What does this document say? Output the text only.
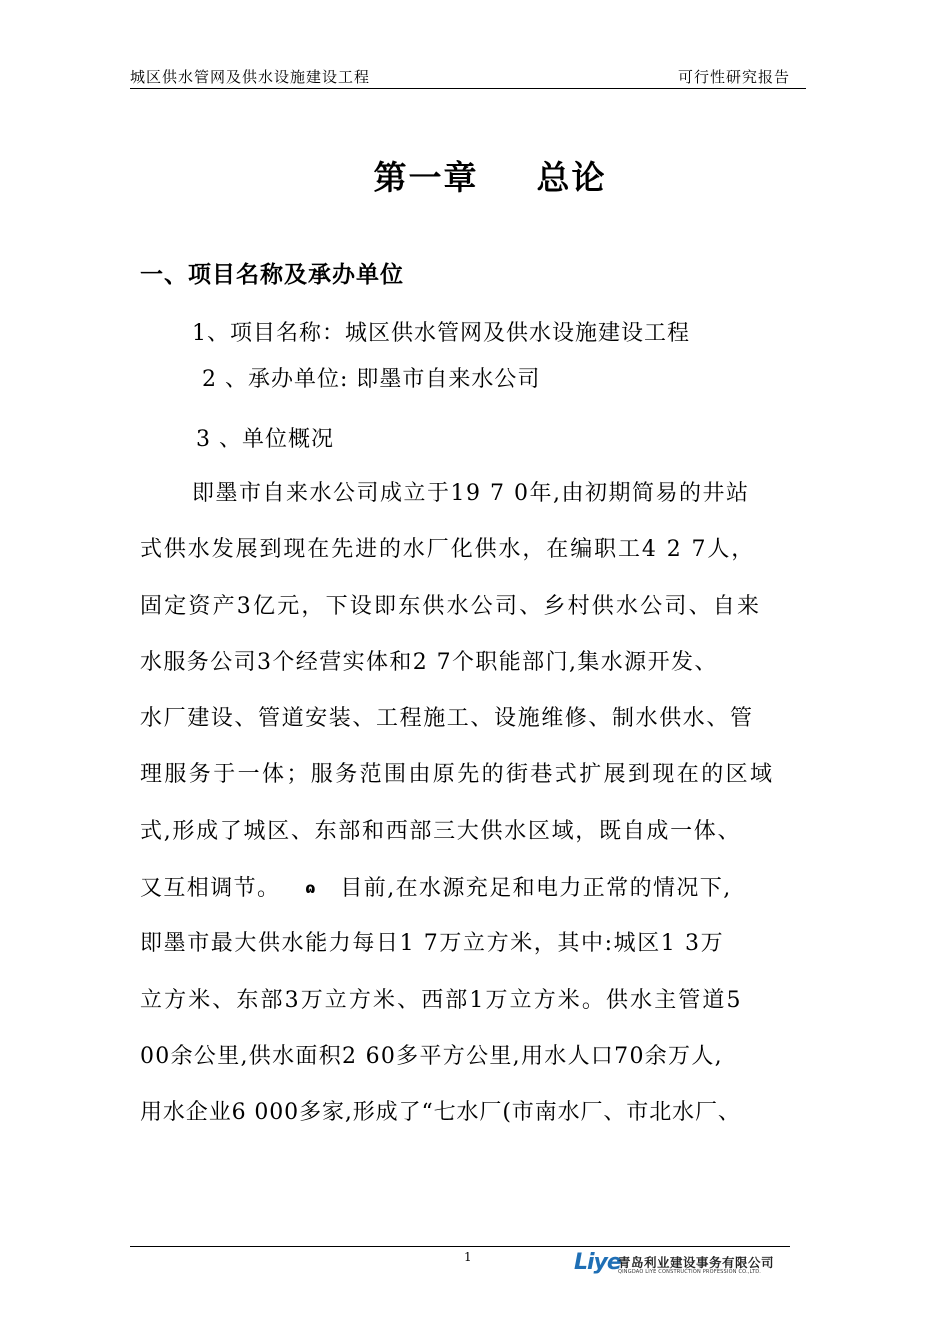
城区供水管网及供水设施建设工程	可行性研究报告
第一章 总论
一、项目名称及承办单位
1、项目名称：城区供水管网及供水设施建设工程
2 、承办单位: 即墨市自来水公司
3 、单位概况
即墨市自来水公司成立于19 7 0年,由初期简易的井站
式供水发展到现在先进的水厂化供水，在编职工4 2 7人，
固定资产3亿元，下设即东供水公司、乡村供水公司、自来
水服务公司3个经营实体和2 7个职能部门,集水源开发、
水厂建设、管道安装、工程施工、设施维修、制水供水、管
理服务于一体；服务范围由原先的街巷式扩展到现在的区域
式,形成了城区、东部和西部三大供水区域，既自成一体、
又互相调节。 ɷ 目前,在水源充足和电力正常的情况下,
即墨市最大供水能力每日1 7万立方米，其中:城区1 3万
立方米、东部3万立方米、西部1万立方米。供水主管道5
00余公里,供水面积2 60多平方公里,用水人口70余万人,
用水企业6 000多家,形成了“七水厂(市南水厂、市北水厂、
1	Liye
青岛利业建设事务有限公司
QINGDAO LIYE CONSTRUCTION PROFESSION CO.,LTD.
